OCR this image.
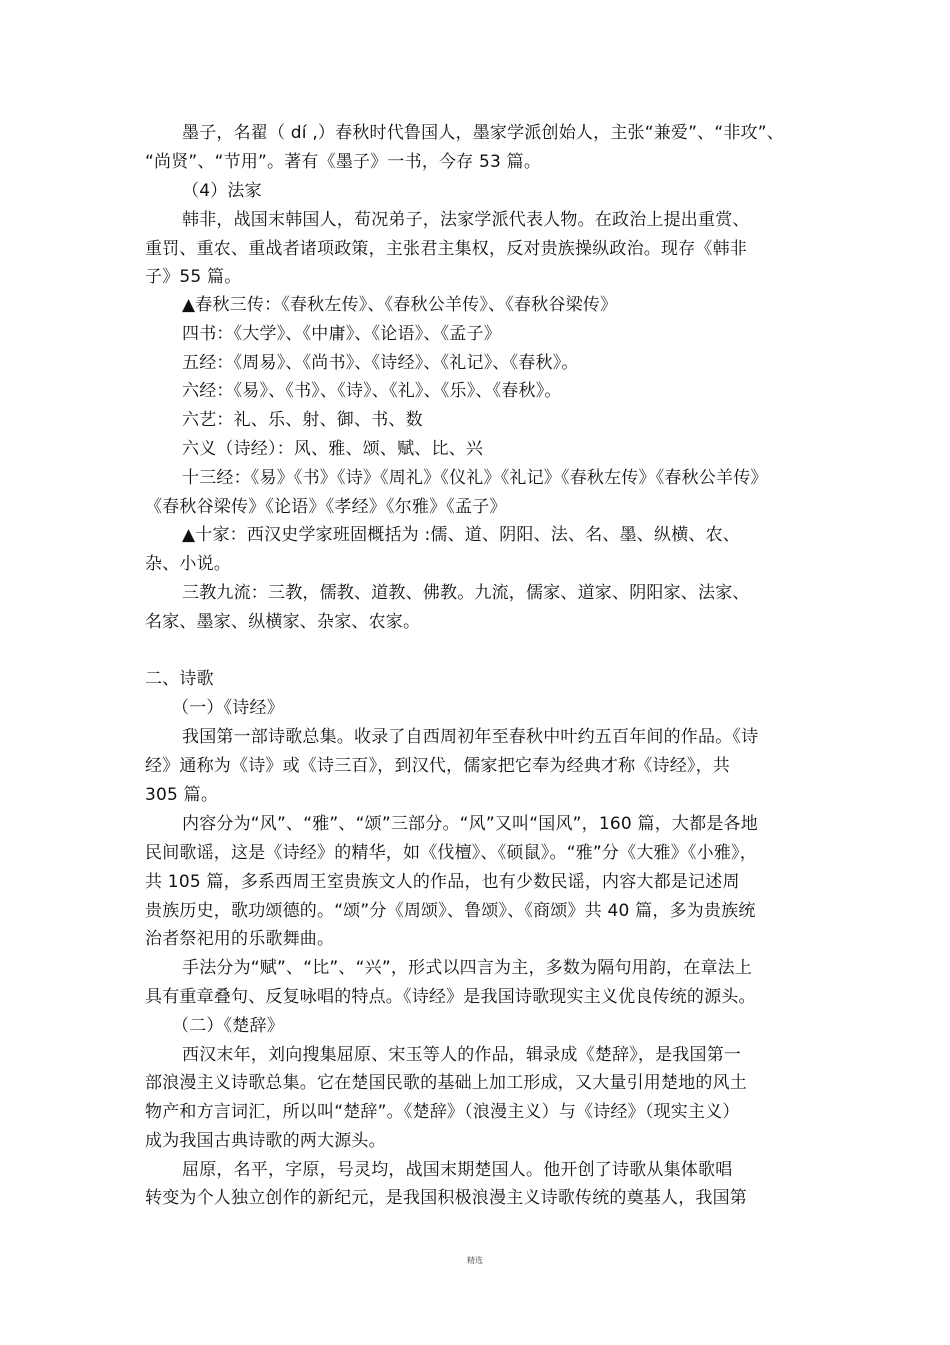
墨子，名翟（ dí ,）春秋时代鲁国人，墨家学派创始人，主张“兼爱”、“非攻”、
“尚贤”、“节用”。著有《墨子》一书，今存 53 篇。
（4）法家
韩非，战国末韩国人，荀况弟子，法家学派代表人物。在政治上提出重赏、
重罚、重农、重战者诸项政策，主张君主集权，反对贵族操纵政治。现存《韩非
子》55 篇。
▲春秋三传：《春秋左传》、《春秋公羊传》、《春秋谷梁传》
四书：《大学》、《中庸》、《论语》、《孟子》
五经：《周易》、《尚书》、《诗经》、《礼记》、《春秋》。
六经：《易》、《书》、《诗》、《礼》、《乐》、《春秋》。
六艺：礼、乐、射、御、书、数
六义（诗经）：风、雅、颂、赋、比、兴
十三经：《易》《书》《诗》《周礼》《仪礼》《礼记》《春秋左传》《春秋公羊传》
《春秋谷梁传》《论语》《孝经》《尔雅》《孟子》
▲十家：西汉史学家班固概括为 :儒、道、阴阳、法、名、墨、纵横、农、
杂、小说。
三教九流：三教，儒教、道教、佛教。九流，儒家、道家、阴阳家、法家、
名家、墨家、纵横家、杂家、农家。
二、诗歌
（一）《诗经》
我国第一部诗歌总集。收录了自西周初年至春秋中叶约五百年间的作品。《诗
经》通称为《诗》或《诗三百》，到汉代，儒家把它奉为经典才称《诗经》，共
305 篇。
内容分为“风”、“雅”、“颂”三部分。“风”又叫“国风”，160 篇，大都是各地
民间歌谣，这是《诗经》的精华，如《伐檀》、《硕鼠》。“雅”分《大雅》《小雅》，
共 105 篇，多系西周王室贵族文人的作品，也有少数民谣，内容大都是记述周
贵族历史，歌功颂德的。“颂”分《周颂》、鲁颂》、《商颂》共 40 篇，多为贵族统
治者祭祀用的乐歌舞曲。
手法分为“赋”、“比”、“兴”，形式以四言为主，多数为隔句用韵，在章法上
具有重章叠句、反复咏唱的特点。《诗经》是我国诗歌现实主义优良传统的源头。
（二）《楚辞》
西汉末年，刘向搜集屈原、宋玉等人的作品，辑录成《楚辞》，是我国第一
部浪漫主义诗歌总集。它在楚国民歌的基础上加工形成，又大量引用楚地的风土
物产和方言词汇，所以叫“楚辞”。《楚辞》（浪漫主义）与《诗经》（现实主义）
成为我国古典诗歌的两大源头。
屈原，名平，字原，号灵均，战国末期楚国人。他开创了诗歌从集体歌唱
转变为个人独立创作的新纪元，是我国积极浪漫主义诗歌传统的奠基人，我国第
精选
